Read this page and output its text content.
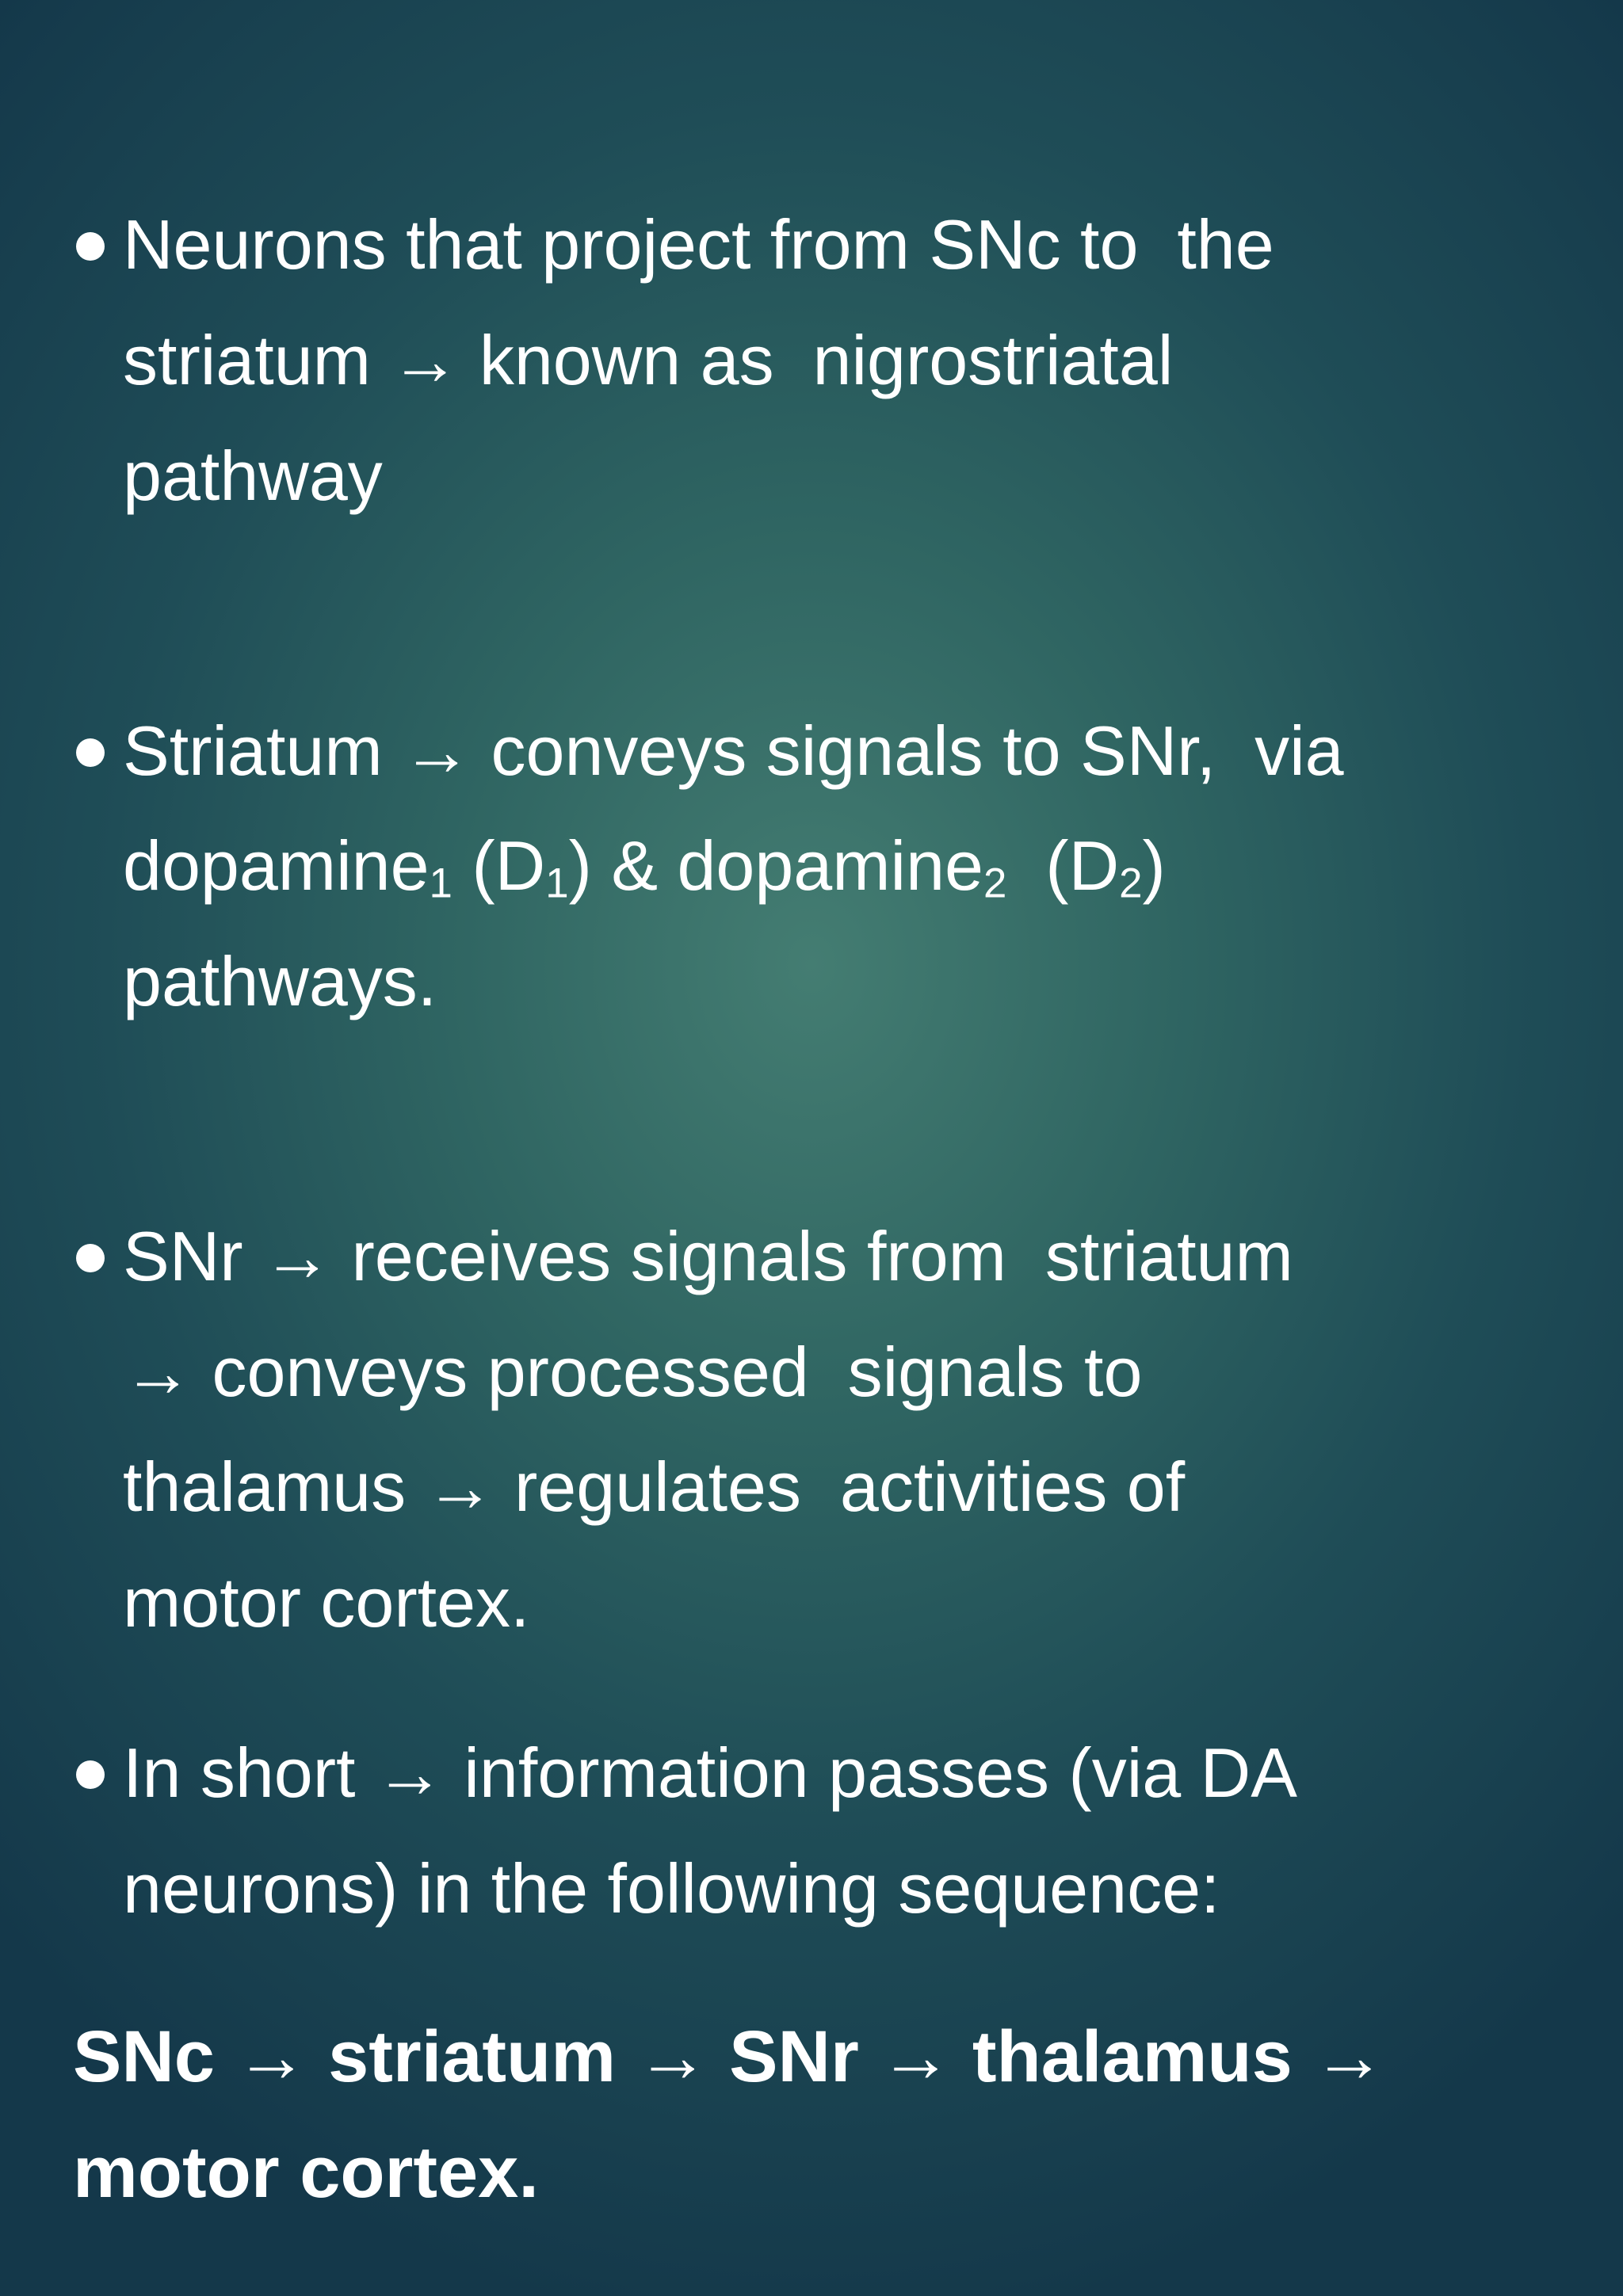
Neurons that project from SNc to  the
striatum → known as  nigrostriatal
pathway
Striatum → conveys signals to SNr,  via
dopamine$_1$ $(D_1)$ & dopamine$_2$  $(D_2)$
pathways.
SNr → receives signals from  striatum
→ conveys processed  signals to
thalamus → regulates  activities of
motor cortex.
In short → information passes (via DA
neurons) in the following sequence:
SNc → striatum → SNr → thalamus →
motor cortex.
